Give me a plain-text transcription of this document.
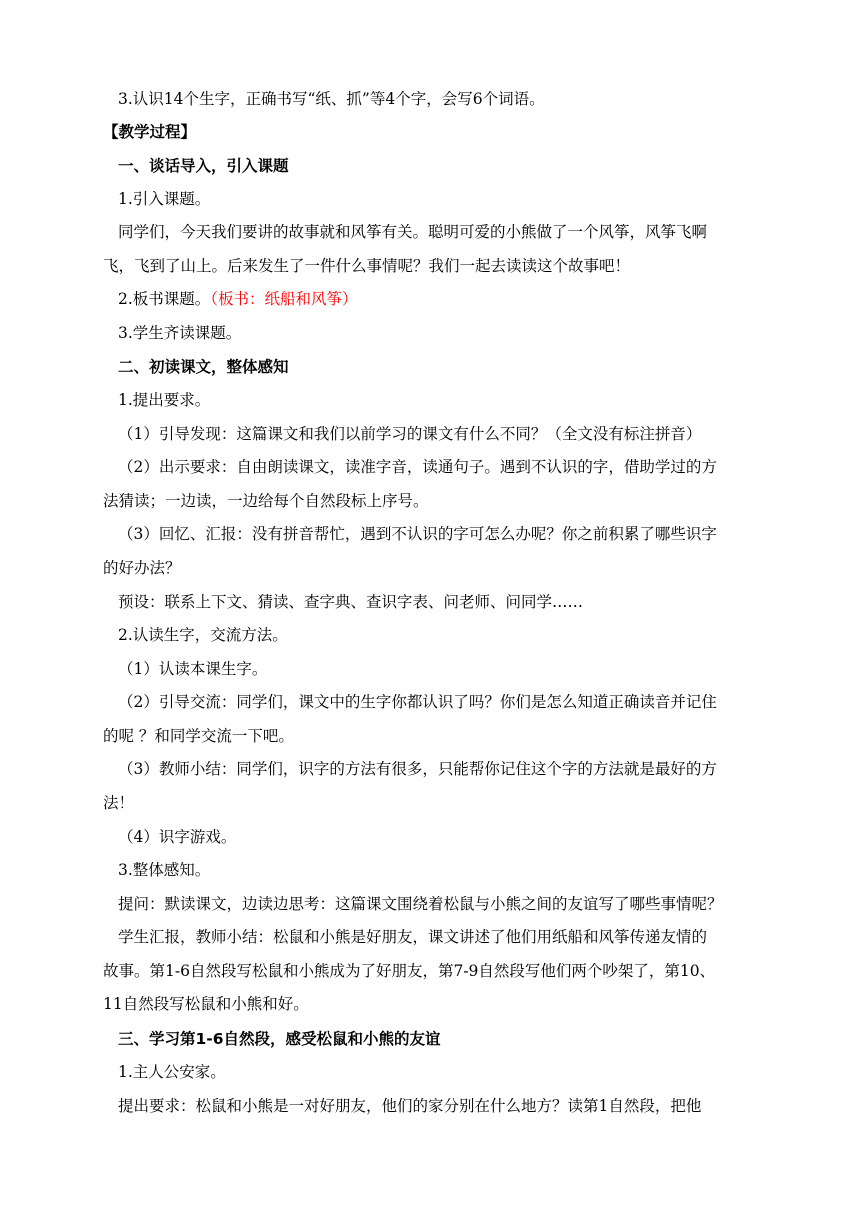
3.认识14个生字，正确书写“纸、抓”等4个字，会写6个词语。
【教学过程】
一、谈话导入，引入课题
1.引入课题。
同学们，今天我们要讲的故事就和风筝有关。聪明可爱的小熊做了一个风筝，风筝飞啊
飞，飞到了山上。后来发生了一件什么事情呢？我们一起去读读这个故事吧！
2.板书课题。（板书：纸船和风筝）
3.学生齐读课题。
二、初读课文，整体感知
1.提出要求。
（1）引导发现：这篇课文和我们以前学习的课文有什么不同？（全文没有标注拼音）
（2）出示要求：自由朗读课文，读准字音，读通句子。遇到不认识的字，借助学过的方
法猜读；一边读，一边给每个自然段标上序号。
（3）回忆、汇报：没有拼音帮忙，遇到不认识的字可怎么办呢？你之前积累了哪些识字
的好办法？
预设：联系上下文、猜读、查字典、查识字表、问老师、问同学……
2.认读生字，交流方法。
（1）认读本课生字。
（2）引导交流：同学们，课文中的生字你都认识了吗？你们是怎么知道正确读音并记住
的呢 ？和同学交流一下吧。
（3）教师小结：同学们，识字的方法有很多，只能帮你记住这个字的方法就是最好的方
法！
（4）识字游戏。
3.整体感知。
提问：默读课文，边读边思考：这篇课文围绕着松鼠与小熊之间的友谊写了哪些事情呢？
学生汇报，教师小结：松鼠和小熊是好朋友，课文讲述了他们用纸船和风筝传递友情的
故事。第1-6自然段写松鼠和小熊成为了好朋友，第7-9自然段写他们两个吵架了，第10、
11自然段写松鼠和小熊和好。
三、学习第1-6自然段，感受松鼠和小熊的友谊
1.主人公安家。
提出要求：松鼠和小熊是一对好朋友，他们的家分别在什么地方？读第1自然段，把他
